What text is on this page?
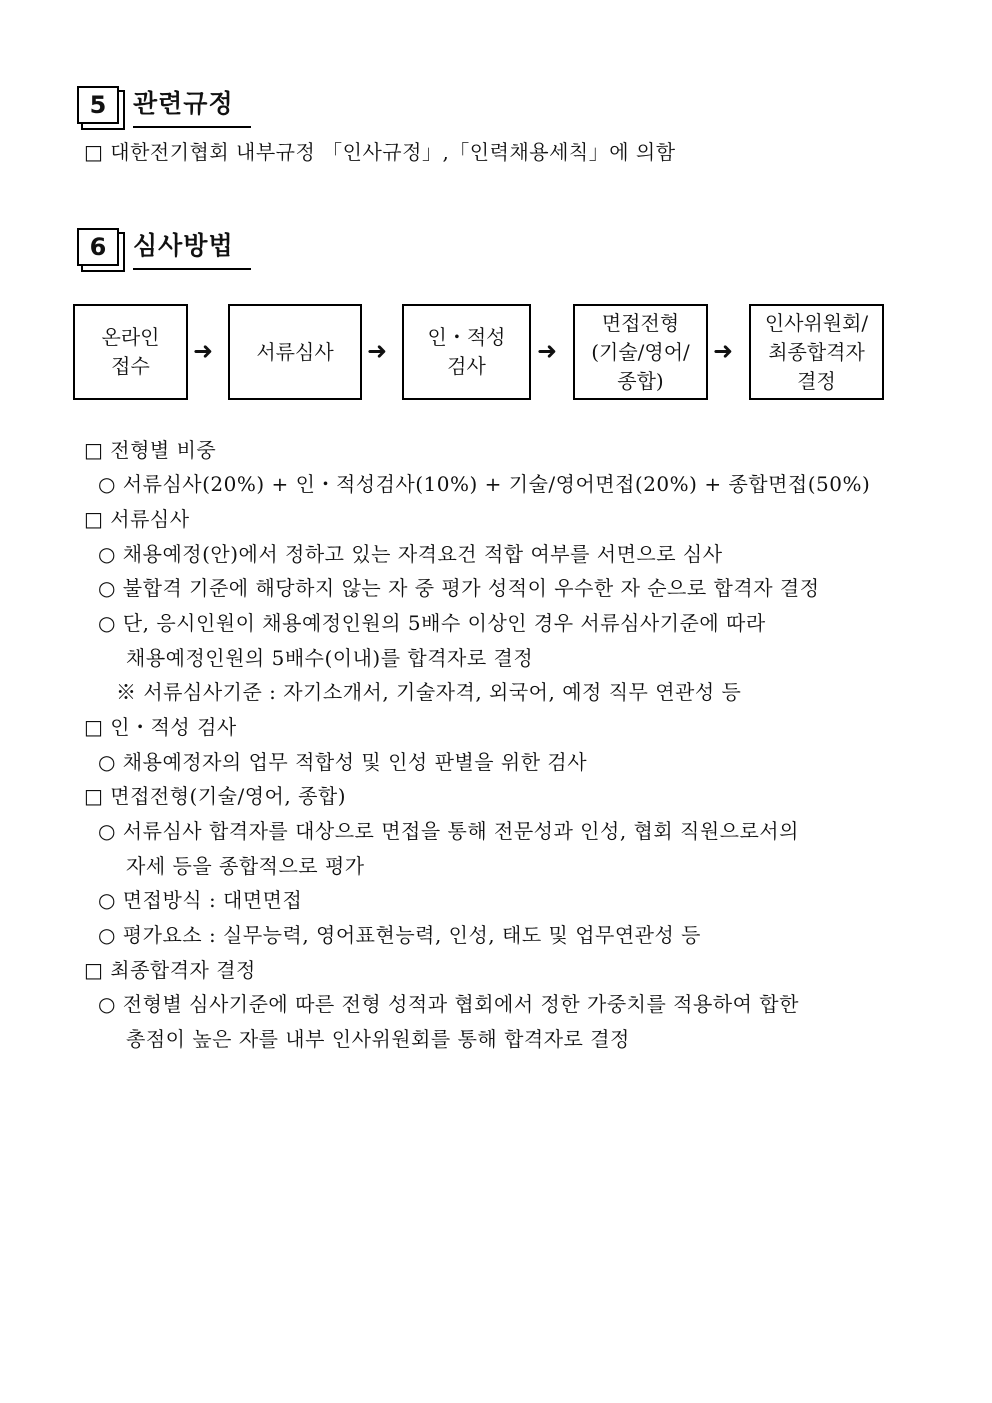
5	관련규정
□ 대한전기협회 내부규정 「인사규정」,「인력채용세칙」에 의함
6	심사방법
온라인
접수
➜ 서류심사 ➜ 인・적성
검사
➜
면접전형
(기술/영어/
종합)
➜
인사위원회/
최종합격자
결정
□ 전형별 비중
○ 서류심사(20%) + 인・적성검사(10%) + 기술/영어면접(20%) + 종합면접(50%)
□ 서류심사
○ 채용예정(안)에서 정하고 있는 자격요건 적합 여부를 서면으로 심사
○ 불합격 기준에 해당하지 않는 자 중 평가 성적이 우수한 자 순으로 합격자 결정
○ 단, 응시인원이 채용예정인원의 5배수 이상인 경우 서류심사기준에 따라
채용예정인원의 5배수(이내)를 합격자로 결정
※ 서류심사기준 : 자기소개서, 기술자격, 외국어, 예정 직무 연관성 등
□ 인・적성 검사
○ 채용예정자의 업무 적합성 및 인성 판별을 위한 검사
□ 면접전형(기술/영어, 종합)
○ 서류심사 합격자를 대상으로 면접을 통해 전문성과 인성, 협회 직원으로서의
자세 등을 종합적으로 평가
○ 면접방식 : 대면면접
○ 평가요소 : 실무능력, 영어표현능력, 인성, 태도 및 업무연관성 등
□ 최종합격자 결정
○ 전형별 심사기준에 따른 전형 성적과 협회에서 정한 가중치를 적용하여 합한
총점이 높은 자를 내부 인사위원회를 통해 합격자로 결정
